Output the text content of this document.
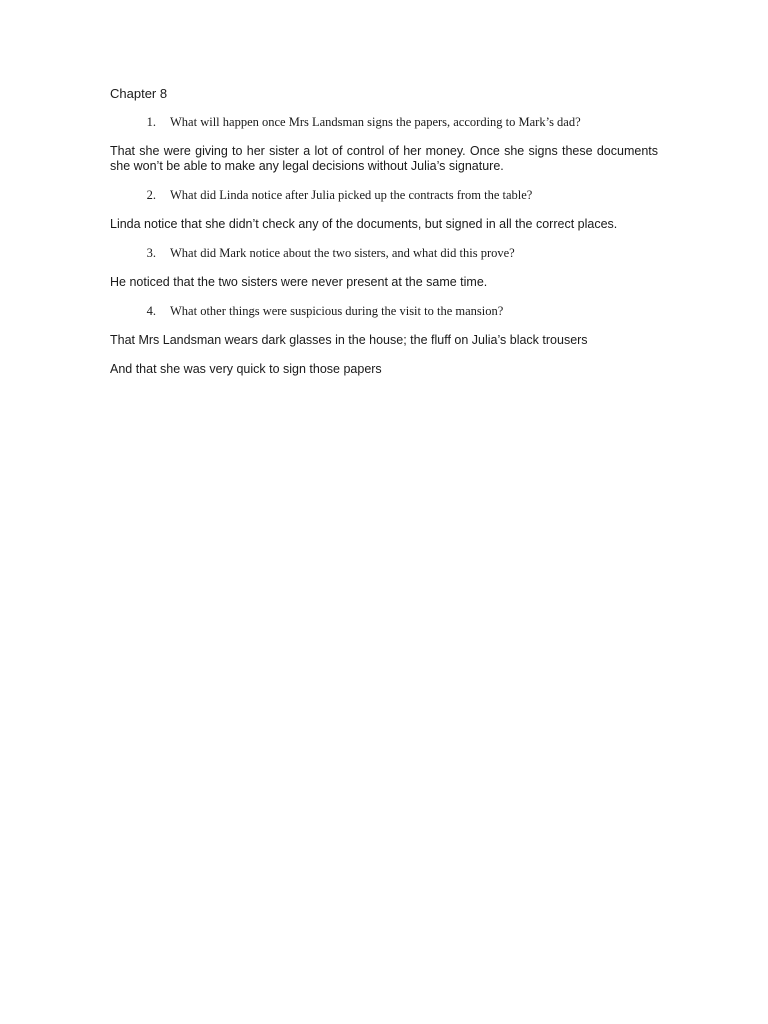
Chapter 8
1.	What will happen once Mrs Landsman signs the papers, according to Mark’s dad?
That she were giving to her sister a lot of control of her money. Once she signs these documents she won’t be able to make any legal decisions without Julia’s signature.
2.	What did Linda notice after Julia picked up the contracts from the table?
Linda notice that she didn’t check any of the documents, but signed in all the correct places.
3.	What did Mark notice about the two sisters, and what did this prove?
He noticed that the two sisters were never present at the same time.
4.	What other things were suspicious during the visit to the mansion?
That Mrs Landsman wears dark glasses in the house; the fluff on Julia’s black trousers
And that she was very quick to sign those papers
